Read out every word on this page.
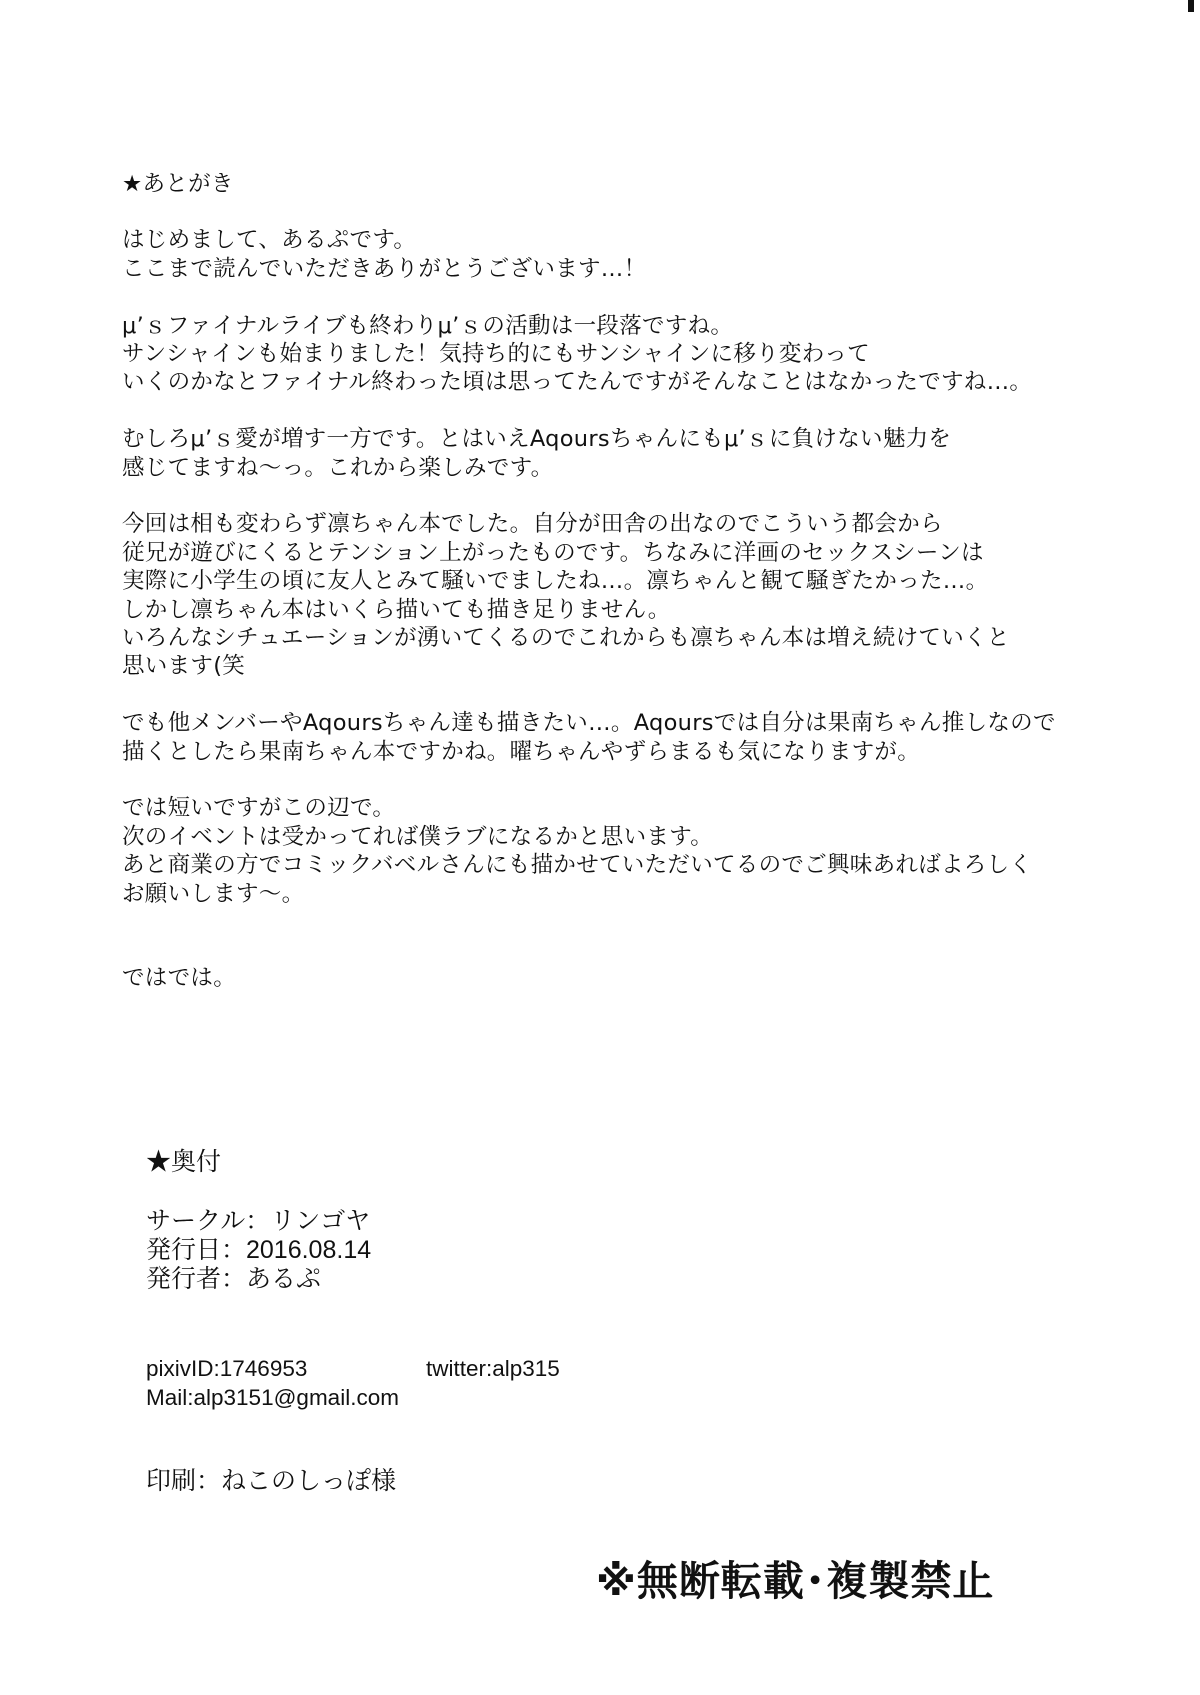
★あとがき

はじめまして、あるぷです。
ここまで読んでいただきありがとうございます…！

μ’ｓファイナルライブも終わりμ’ｓの活動は一段落ですね。
サンシャインも始まりました！気持ち的にもサンシャインに移り変わって
いくのかなとファイナル終わった頃は思ってたんですがそんなことはなかったですね…。

むしろμ’ｓ愛が増す一方です。とはいえAqoursちゃんにもμ’ｓに負けない魅力を
感じてますね〜っ。これから楽しみです。

今回は相も変わらず凛ちゃん本でした。自分が田舎の出なのでこういう都会から
従兄が遊びにくるとテンション上がったものです。ちなみに洋画のセックスシーンは
実際に小学生の頃に友人とみて騒いでましたね…。凛ちゃんと観て騒ぎたかった…。
しかし凛ちゃん本はいくら描いても描き足りません。
いろんなシチュエーションが湧いてくるのでこれからも凛ちゃん本は増え続けていくと
思います(笑

でも他メンバーやAqoursちゃん達も描きたい…。Aqoursでは自分は果南ちゃん推しなので
描くとしたら果南ちゃん本ですかね。曜ちゃんやずらまるも気になりますが。

では短いですがこの辺で。
次のイベントは受かってれば僕ラブになるかと思います。
あと商業の方でコミックバベルさんにも描かせていただいてるのでご興味あればよろしく
お願いします〜。

ではでは。
★奥付
サークル：リンゴヤ
発行日：2016.08.14
発行者：あるぷ
pixivID:1746953	twitter:alp315
Mail:alp3151@gmail.com
印刷：ねこのしっぽ様
※無断転載･複製禁止
